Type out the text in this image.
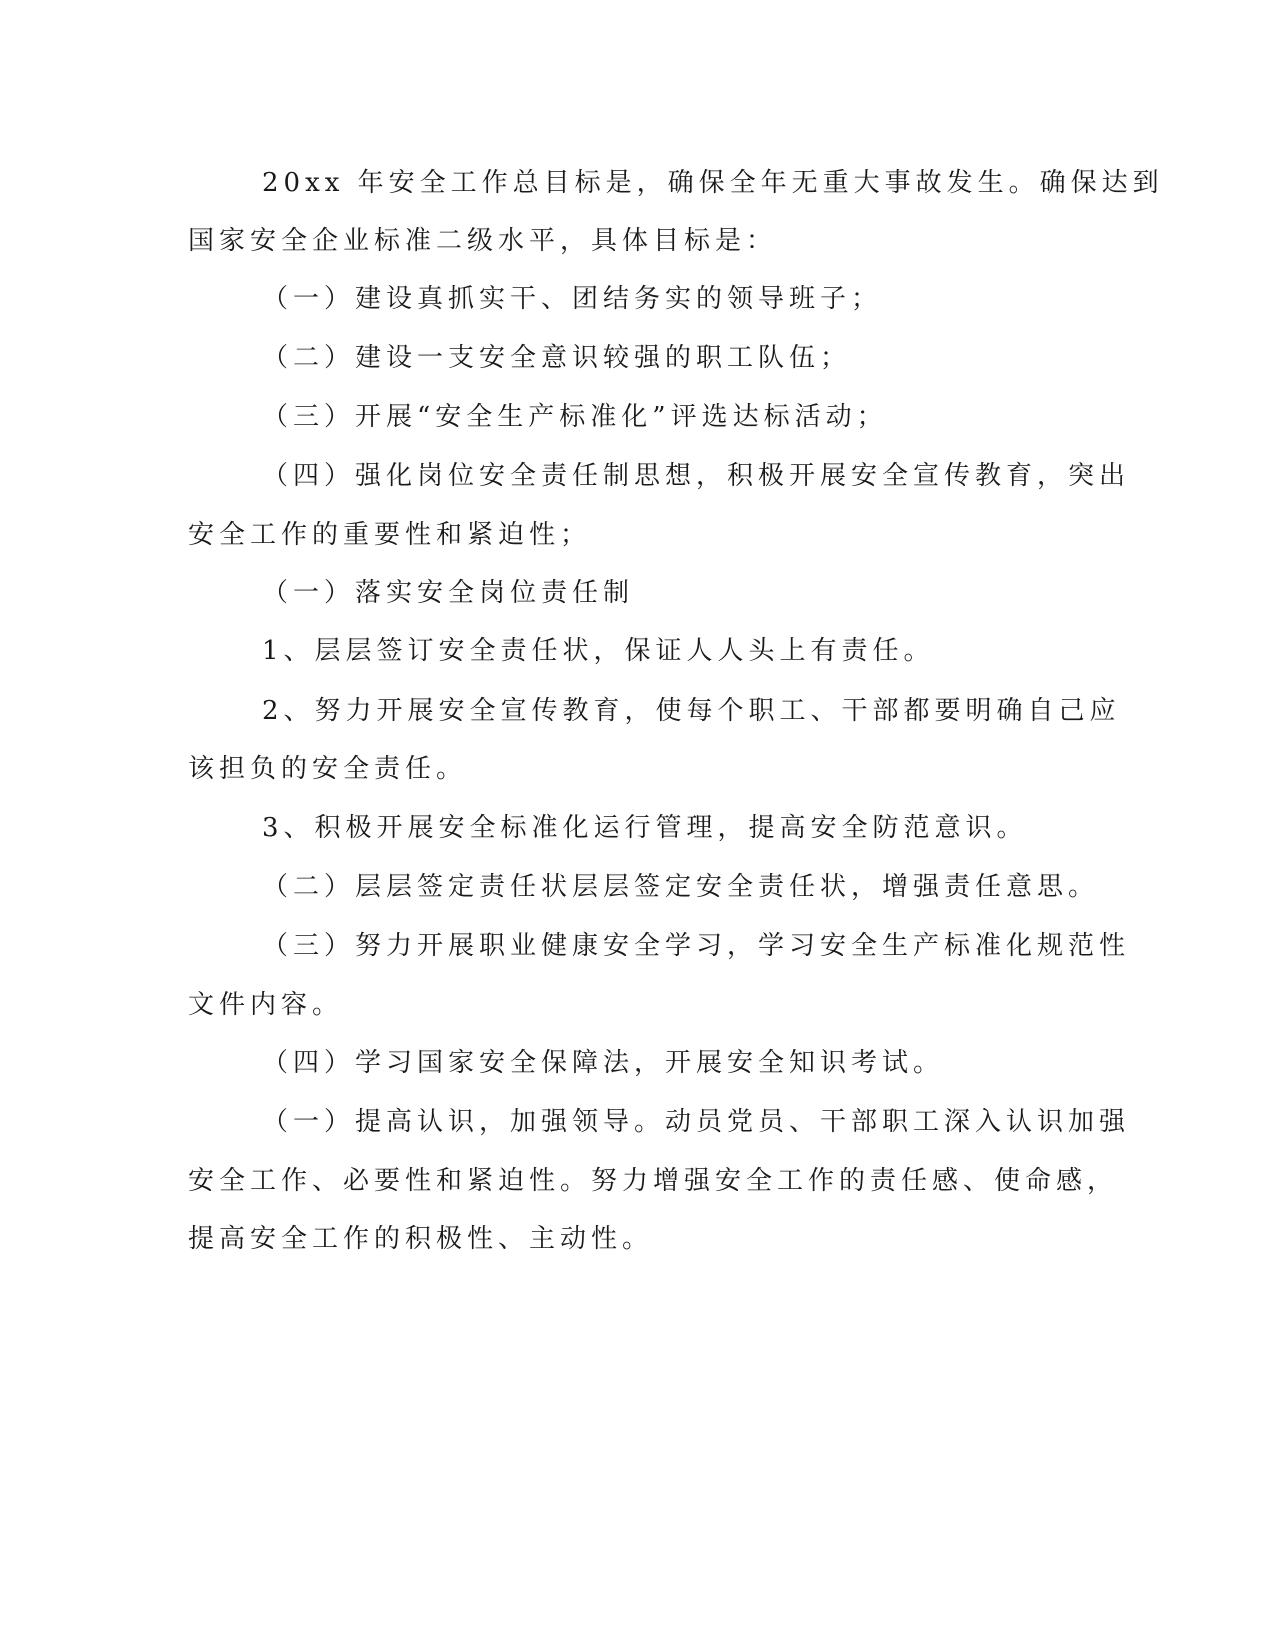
20xx 年安全工作总目标是，确保全年无重大事故发生。确保达到
国家安全企业标准二级水平，具体目标是：
（一）建设真抓实干、团结务实的领导班子；
（二）建设一支安全意识较强的职工队伍；
（三）开展“安全生产标准化”评选达标活动；
（四）强化岗位安全责任制思想，积极开展安全宣传教育，突出
安全工作的重要性和紧迫性；
（一）落实安全岗位责任制
1、层层签订安全责任状，保证人人头上有责任。
2、努力开展安全宣传教育，使每个职工、干部都要明确自己应
该担负的安全责任。
3、积极开展安全标准化运行管理，提高安全防范意识。
（二）层层签定责任状层层签定安全责任状，增强责任意思。
（三）努力开展职业健康安全学习，学习安全生产标准化规范性
文件内容。
（四）学习国家安全保障法，开展安全知识考试。
（一）提高认识，加强领导。动员党员、干部职工深入认识加强
安全工作、必要性和紧迫性。努力增强安全工作的责任感、使命感，
提高安全工作的积极性、主动性。
